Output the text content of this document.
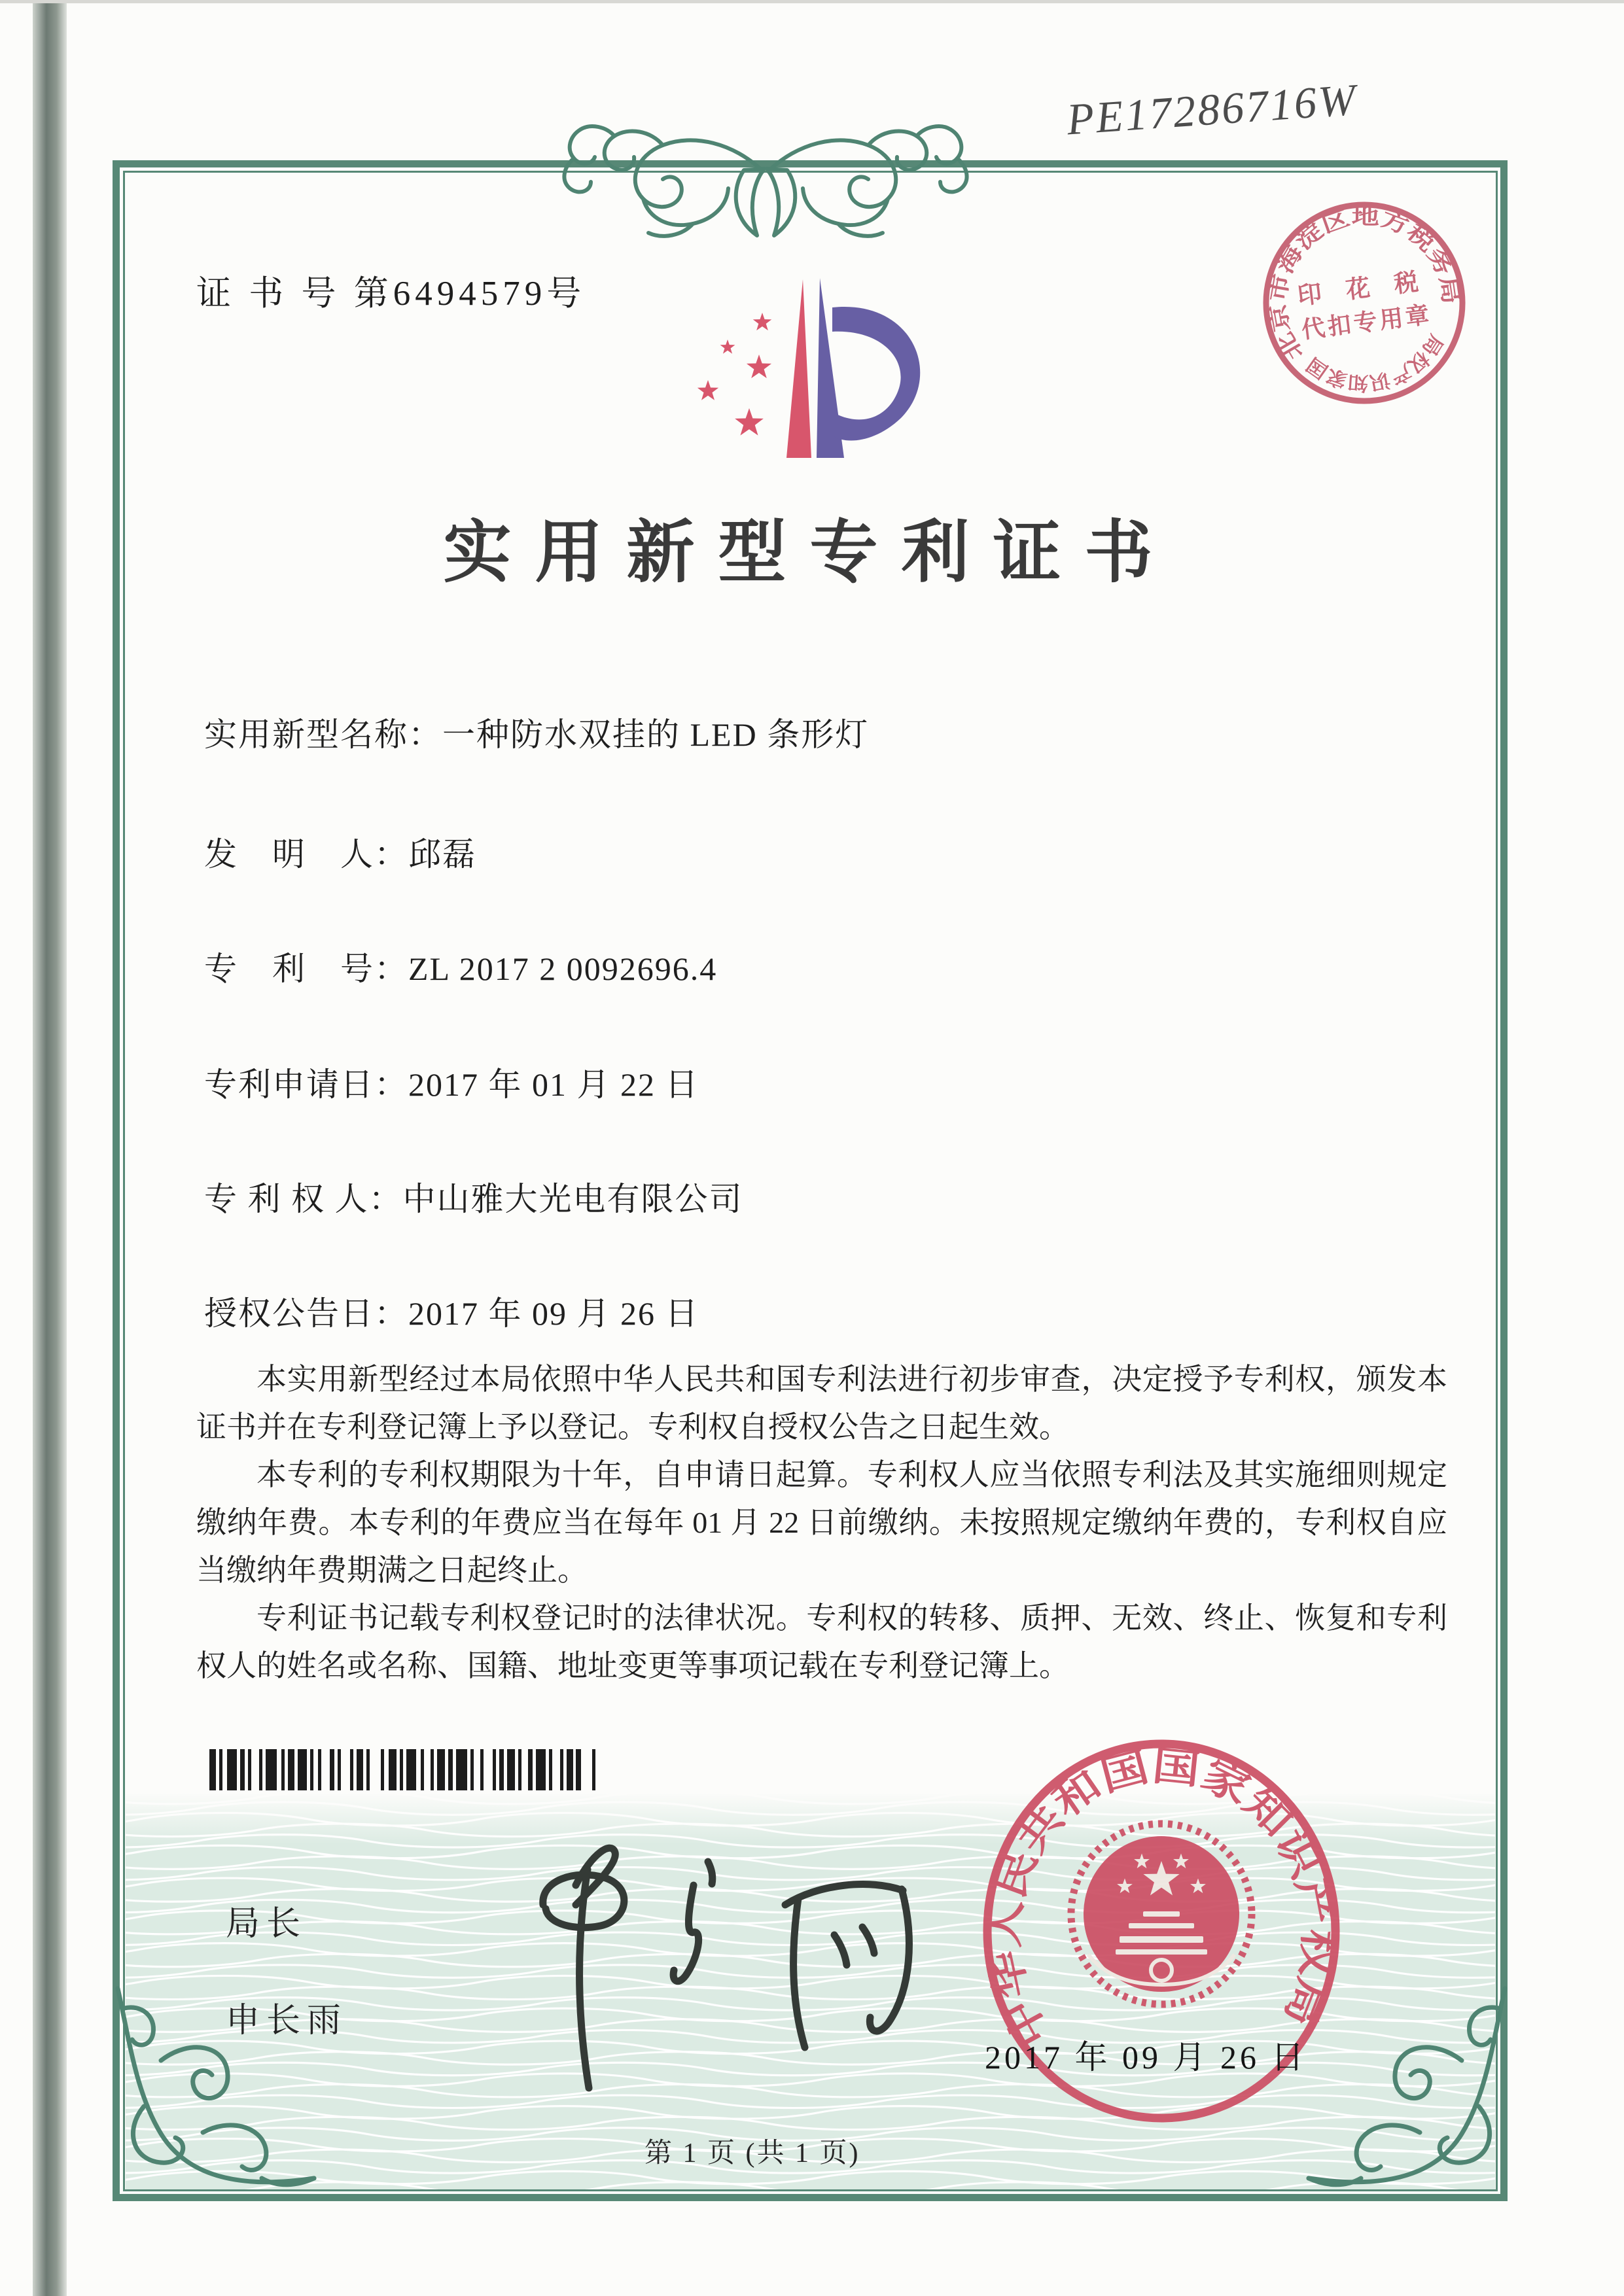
证 书 号 第6494579号
PE17286716W
北京市海淀区地方税务局
局权产识知家国
印 花 税
代扣专用章
实用新型专利证书
实用新型名称：一种防水双挂的 LED 条形灯
发　明　人：邱磊
专　利　号：ZL 2017 2 0092696.4
专利申请日：2017 年 01 月 22 日
专 利 权 人：中山雅大光电有限公司
授权公告日：2017 年 09 月 26 日

本实用新型经过本局依照中华人民共和国专利法进行初步审查，决定授予专利权，颁发本证书并在专利登记簿上予以登记。专利权自授权公告之日起生效。

本专利的专利权期限为十年，自申请日起算。专利权人应当依照专利法及其实施细则规定缴纳年费。本专利的年费应当在每年 01 月 22 日前缴纳。未按照规定缴纳年费的，专利权自应当缴纳年费期满之日起终止。

专利证书记载专利权登记时的法律状况。专利权的转移、质押、无效、终止、恢复和专利权人的姓名或名称、国籍、地址变更等事项记载在专利登记簿上。

局长
申长雨	中华人民共和国国家知识产权局
2017 年 09 月 26 日
第 1 页 (共 1 页)
